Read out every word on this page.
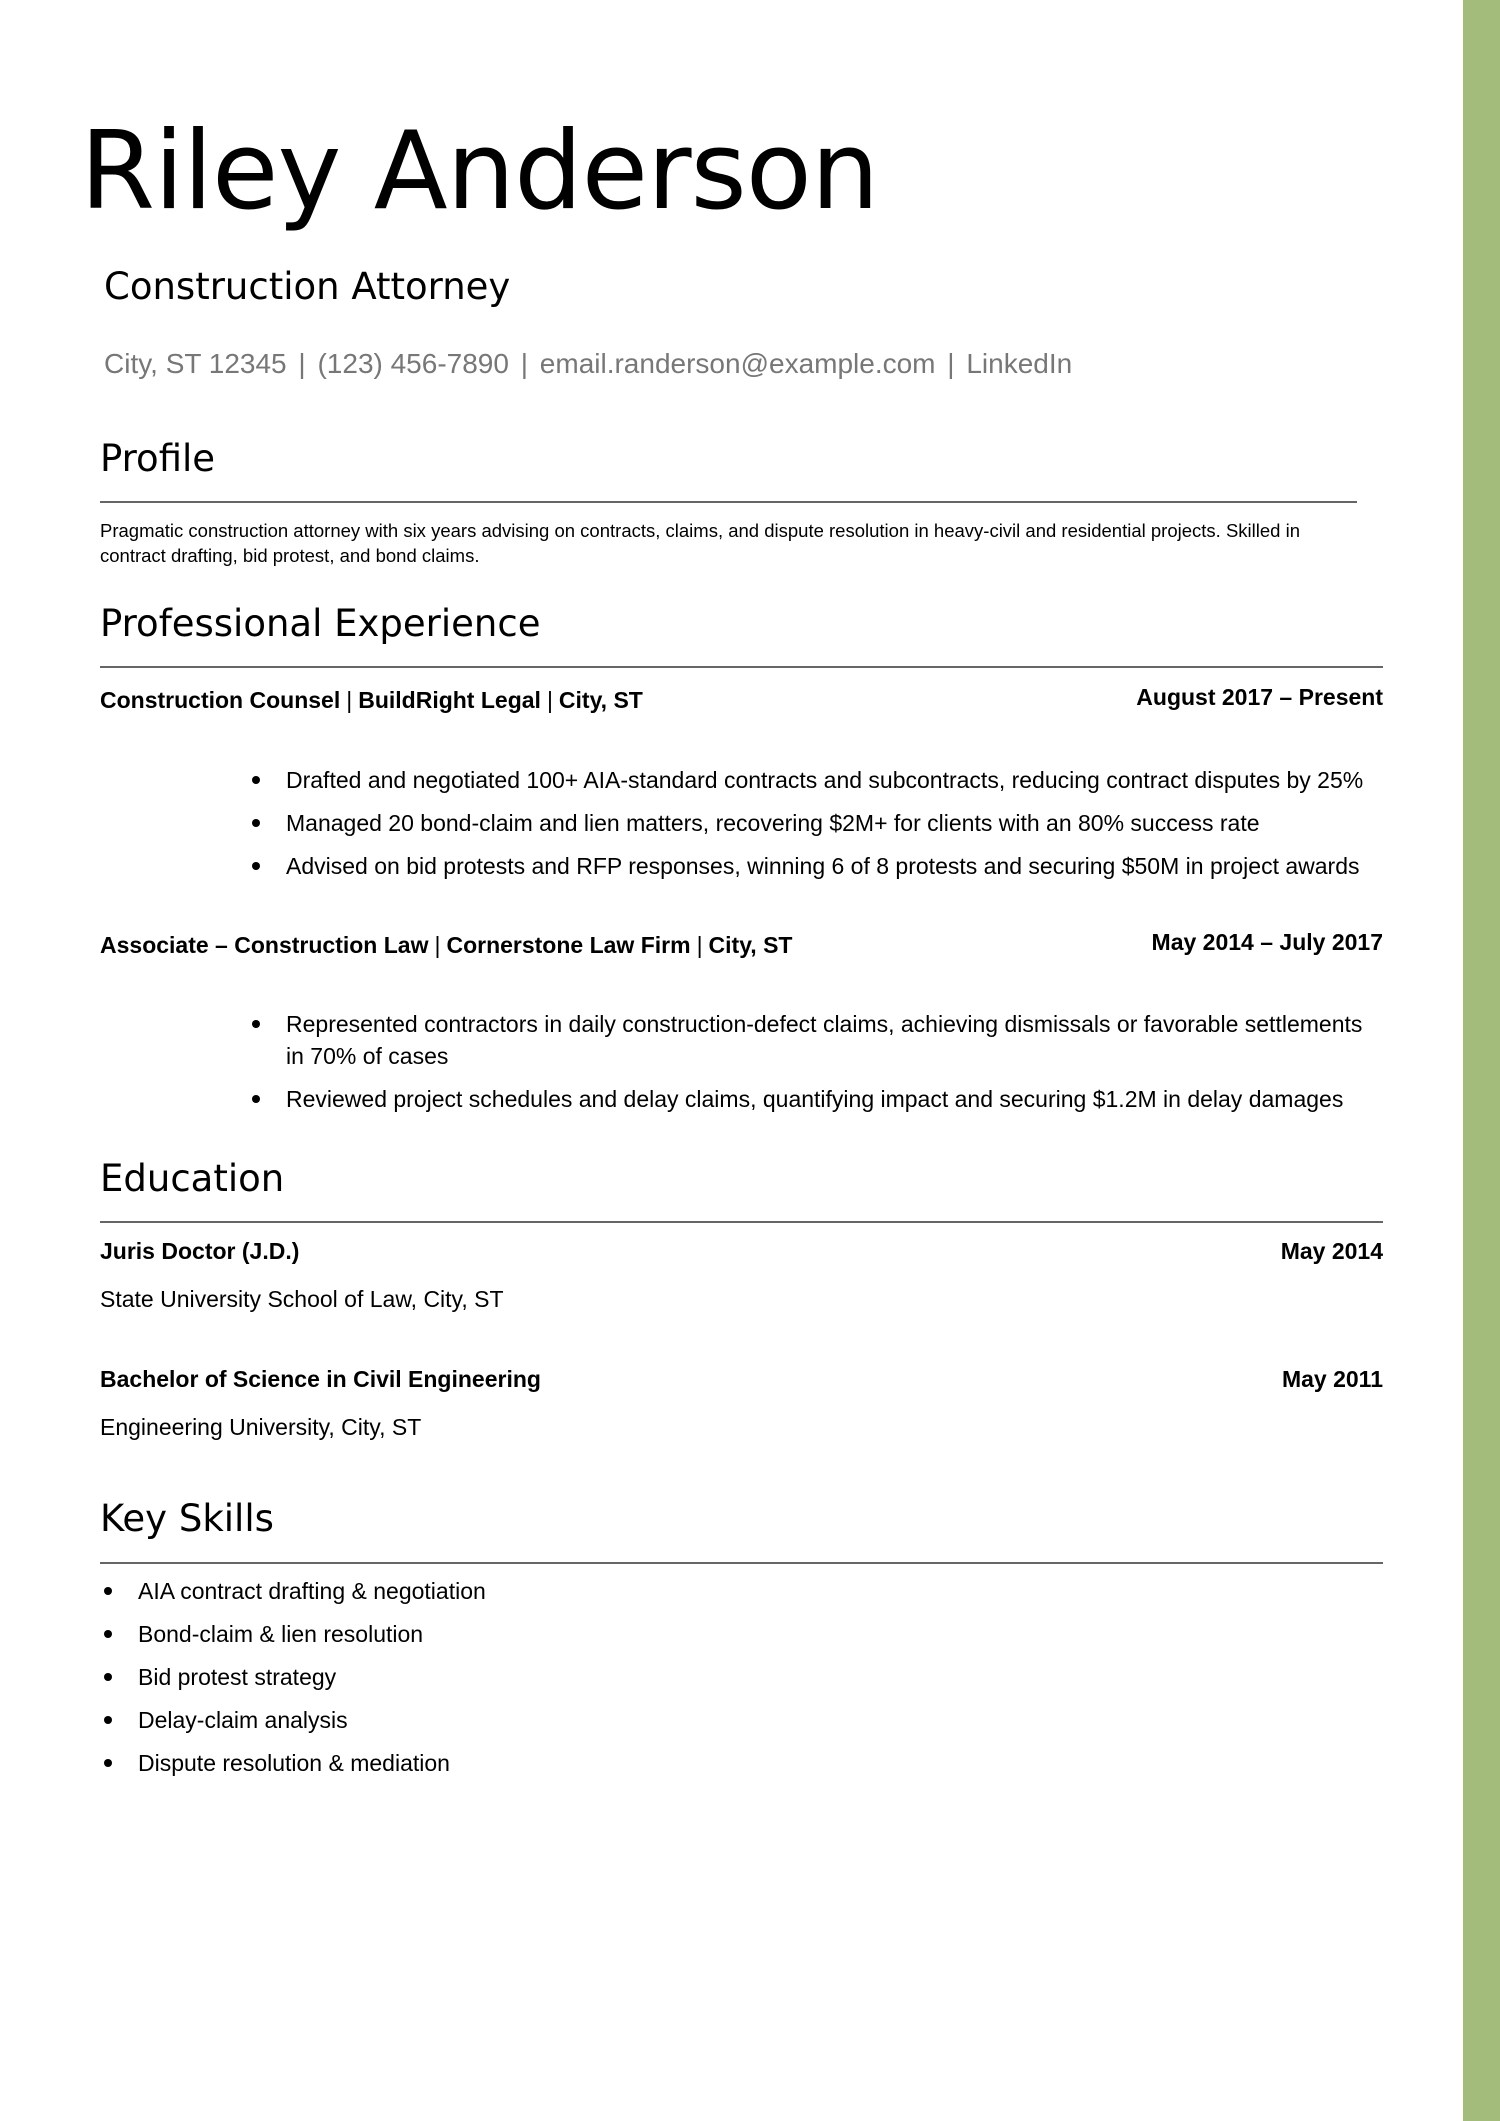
Riley Anderson
Construction Attorney
City, ST 12345 | (123) 456-7890 | email.randerson@example.com | LinkedIn
Profile

Pragmatic construction attorney with six years advising on contracts, claims, and dispute resolution in heavy-civil and residential projects. Skilled in contract drafting, bid protest, and bond claims.

Professional Experience
Construction Counsel | BuildRight Legal | City, ST	August 2017 – Present
Drafted and negotiated 100+ AIA-standard contracts and subcontracts, reducing contract disputes by 25%
Managed 20 bond-claim and lien matters, recovering $2M+ for clients with an 80% success rate
Advised on bid protests and RFP responses, winning 6 of 8 protests and securing $50M in project awards
Associate – Construction Law | Cornerstone Law Firm | City, ST	May 2014 – July 2017
Represented contractors in daily construction-defect claims, achieving dismissals or favorable settlements in 70% of cases
Reviewed project schedules and delay claims, quantifying impact and securing $1.2M in delay damages
Education
Juris Doctor (J.D.)	May 2014
State University School of Law, City, ST
Bachelor of Science in Civil Engineering	May 2011
Engineering University, City, ST
Key Skills
AIA contract drafting & negotiation
Bond-claim & lien resolution
Bid protest strategy
Delay-claim analysis
Dispute resolution & mediation
